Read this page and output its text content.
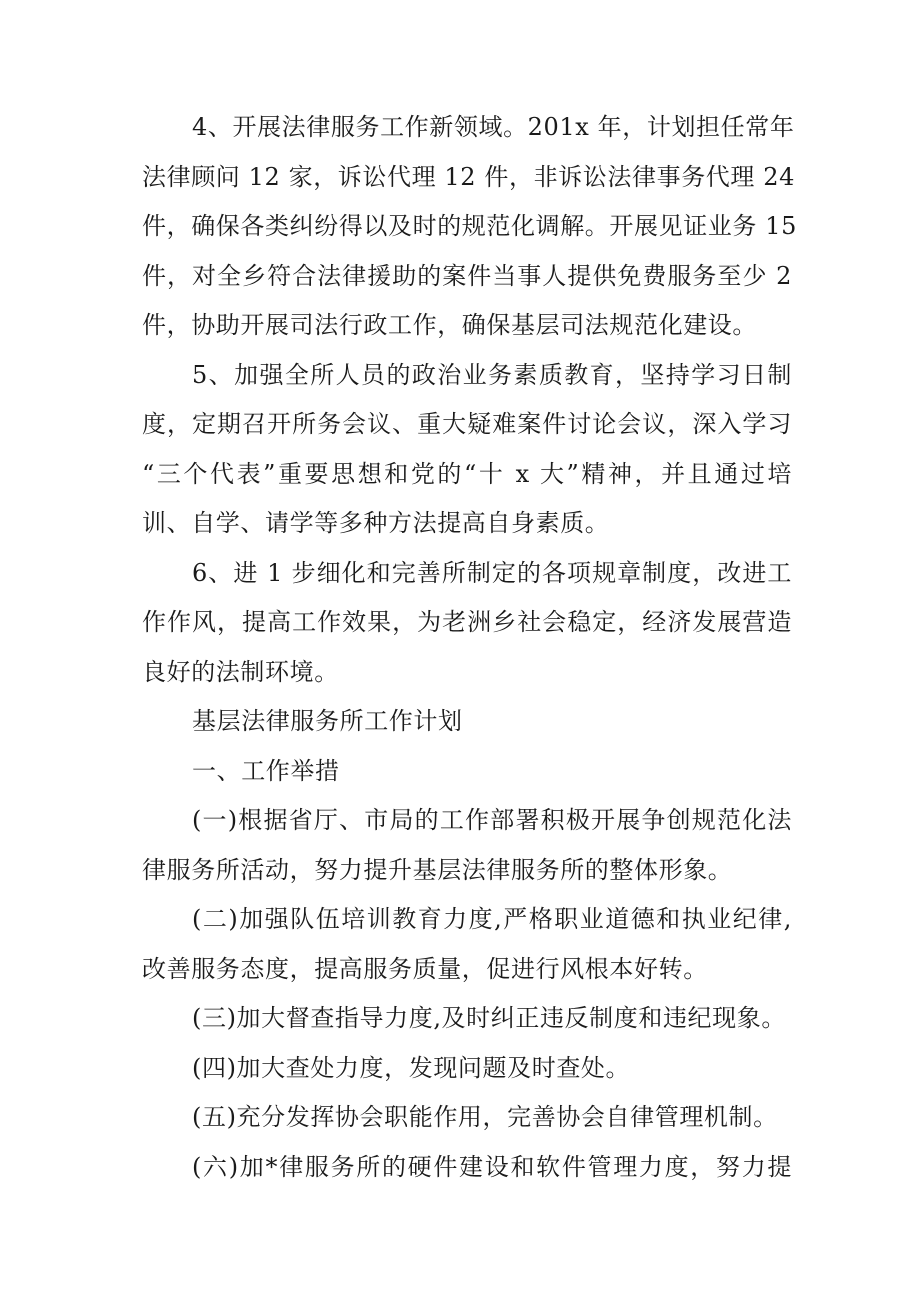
4、开展法律服务工作新领域。201x 年，计划担任常年
法律顾问 12 家，诉讼代理 12 件，非诉讼法律事务代理 24
件，确保各类纠纷得以及时的规范化调解。开展见证业务 15
件，对全乡符合法律援助的案件当事人提供免费服务至少 2
件，协助开展司法行政工作，确保基层司法规范化建设。
5、加强全所人员的政治业务素质教育，坚持学习日制
度，定期召开所务会议、重大疑难案件讨论会议，深入学习
“三个代表”重要思想和党的“十 x 大”精神，并且通过培
训、自学、请学等多种方法提高自身素质。
6、进 1 步细化和完善所制定的各项规章制度，改进工
作作风，提高工作效果，为老洲乡社会稳定，经济发展营造
良好的法制环境。
基层法律服务所工作计划
一、工作举措
(一)根据省厅、市局的工作部署积极开展争创规范化法
律服务所活动，努力提升基层法律服务所的整体形象。
(二)加强队伍培训教育力度,严格职业道德和执业纪律,
改善服务态度，提高服务质量，促进行风根本好转。
(三)加大督查指导力度,及时纠正违反制度和违纪现象。
(四)加大查处力度，发现问题及时查处。
(五)充分发挥协会职能作用，完善协会自律管理机制。
(六)加*律服务所的硬件建设和软件管理力度，努力提
